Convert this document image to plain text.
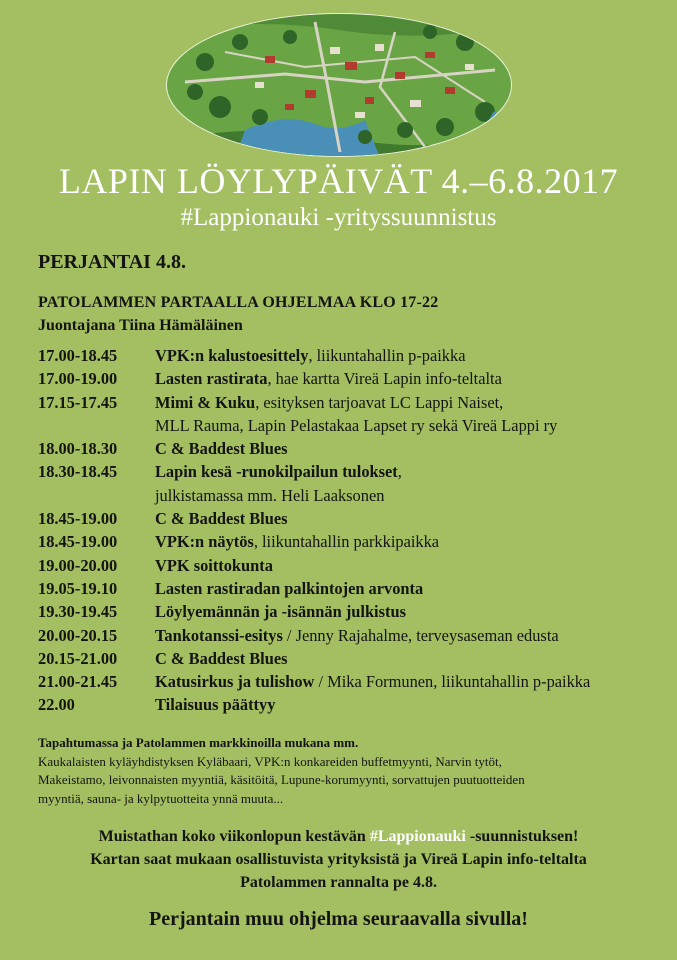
LAPIN LÖYLYPÄIVÄT 4.–6.8.2017
#Lappionauki -yrityssuunnistus
PERJANTAI 4.8.
PATOLAMMEN PARTAALLA OHJELMAA KLO 17-22
Juontajana Tiina Hämäläinen
17.00-18.45	VPK:n kalustoesittely, liikuntahallin p-paikka
17.00-19.00	Lasten rastirata, hae kartta Vireä Lapin info-teltalta
17.15-17.45	Mimi & Kuku, esityksen tarjoavat LC Lappi Naiset,
MLL Rauma, Lapin Pelastakaa Lapset ry sekä Vireä Lappi ry
18.00-18.30	C & Baddest Blues
18.30-18.45	Lapin kesä -runokilpailun tulokset,
julkistamassa mm. Heli Laaksonen
18.45-19.00	C & Baddest Blues
18.45-19.00	VPK:n näytös, liikuntahallin parkkipaikka
19.00-20.00	VPK soittokunta
19.05-19.10	Lasten rastiradan palkintojen arvonta
19.30-19.45	Löylyemännän ja -isännän julkistus
20.00-20.15	Tankotanssi-esitys / Jenny Rajahalme, terveysaseman edusta
20.15-21.00	C & Baddest Blues
21.00-21.45	Katusirkus ja tulishow / Mika Formunen, liikuntahallin p-paikka
22.00	Tilaisuus päättyy
Tapahtumassa ja Patolammen markkinoilla mukana mm.
Kaukalaisten kyläyhdistyksen Kyläbaari, VPK:n konkareiden buffetmyynti, Narvin tytöt,
Makeistamo, leivonnaisten myyntiä, käsitöitä, Lupune-korumyynti, sorvattujen puutuotteiden
myyntiä, sauna- ja kylpytuotteita ynnä muuta...
Muistathan koko viikonlopun kestävän #Lappionauki -suunnistuksen!
Kartan saat mukaan osallistuvista yrityksistä ja Vireä Lapin info-teltalta
Patolammen rannalta pe 4.8.
Perjantain muu ohjelma seuraavalla sivulla!
